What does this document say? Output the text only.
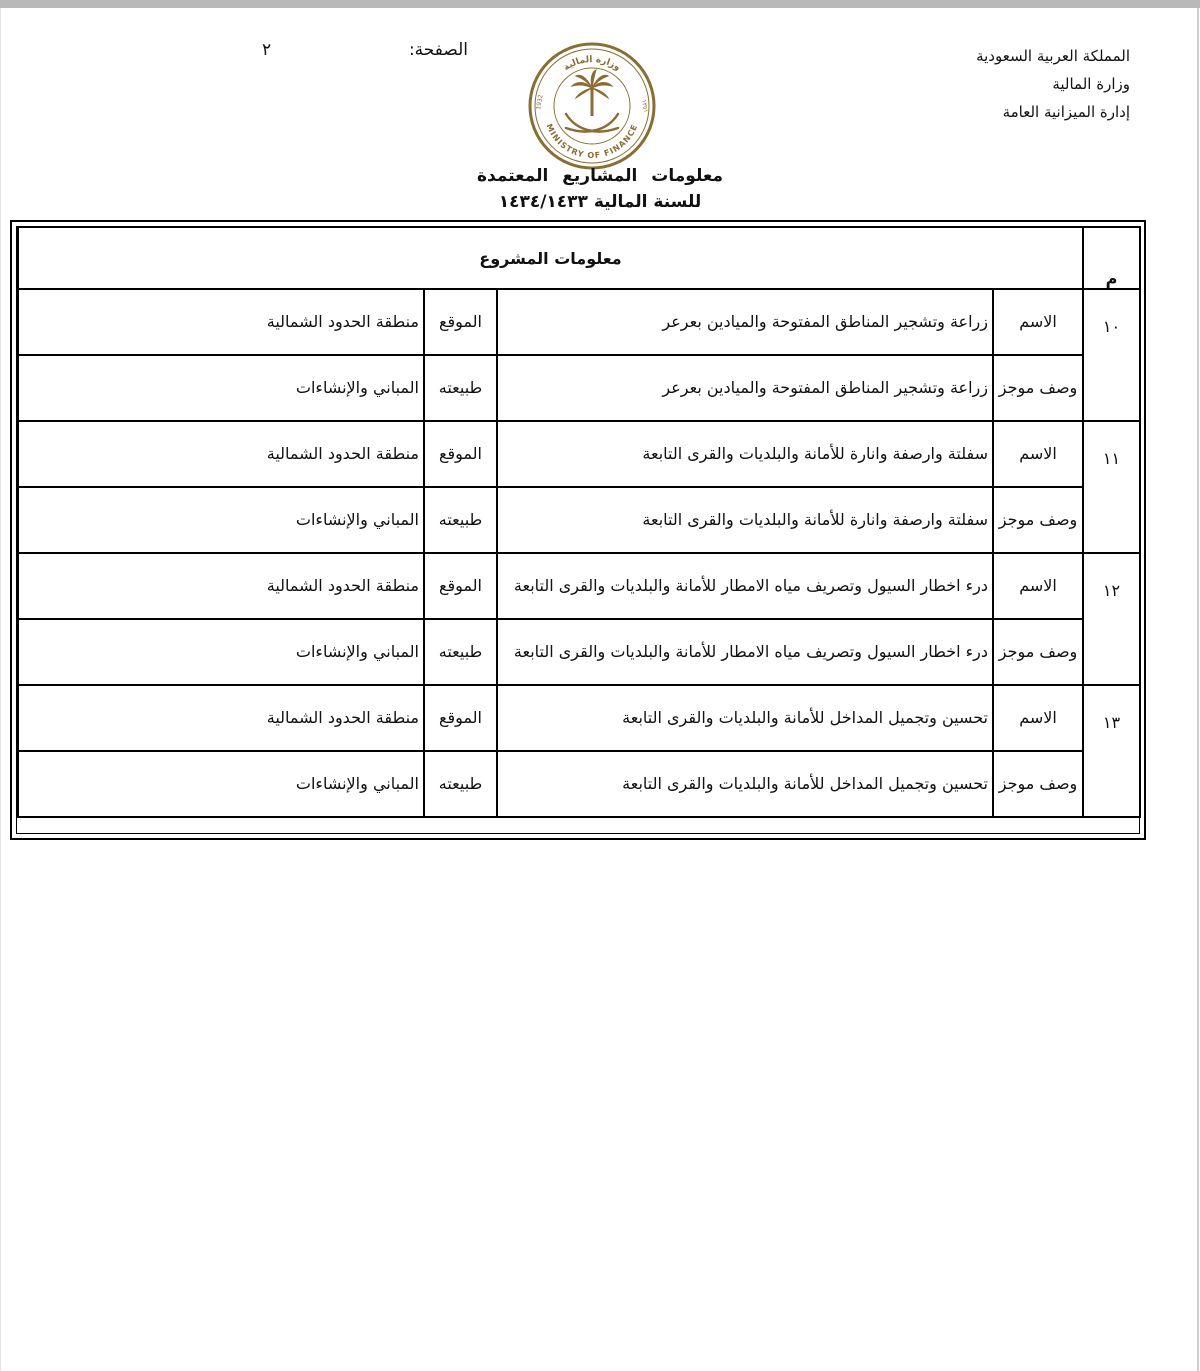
المملكة العربية السعودية
وزارة المالية
إدارة الميزانية العامة
الصفحة:
٢
وزارة المالية
MINISTRY OF FINANCE
1932	١٣٥١
معلومات المشاريع المعتمدة
للسنة المالية ١٤٣٤/١٤٣٣
م	معلومات المشروع			
١٠	الاسم	زراعة وتشجير المناطق المفتوحة والميادين بعرعر	الموقع	منطقة الحدود الشمالية
	وصف موجز	زراعة وتشجير المناطق المفتوحة والميادين بعرعر	طبيعته	المباني والإنشاءات
١١	الاسم	سفلتة وارصفة وانارة للأمانة والبلديات والقرى التابعة	الموقع	منطقة الحدود الشمالية
	وصف موجز	سفلتة وارصفة وانارة للأمانة والبلديات والقرى التابعة	طبيعته	المباني والإنشاءات
١٢	الاسم	درء اخطار السيول وتصريف مياه الامطار للأمانة والبلديات والقرى التابعة	الموقع	منطقة الحدود الشمالية
	وصف موجز	درء اخطار السيول وتصريف مياه الامطار للأمانة والبلديات والقرى التابعة	طبيعته	المباني والإنشاءات
١٣	الاسم	تحسين وتجميل المداخل للأمانة والبلديات والقرى التابعة	الموقع	منطقة الحدود الشمالية
	وصف موجز	تحسين وتجميل المداخل للأمانة والبلديات والقرى التابعة	طبيعته	المباني والإنشاءات
